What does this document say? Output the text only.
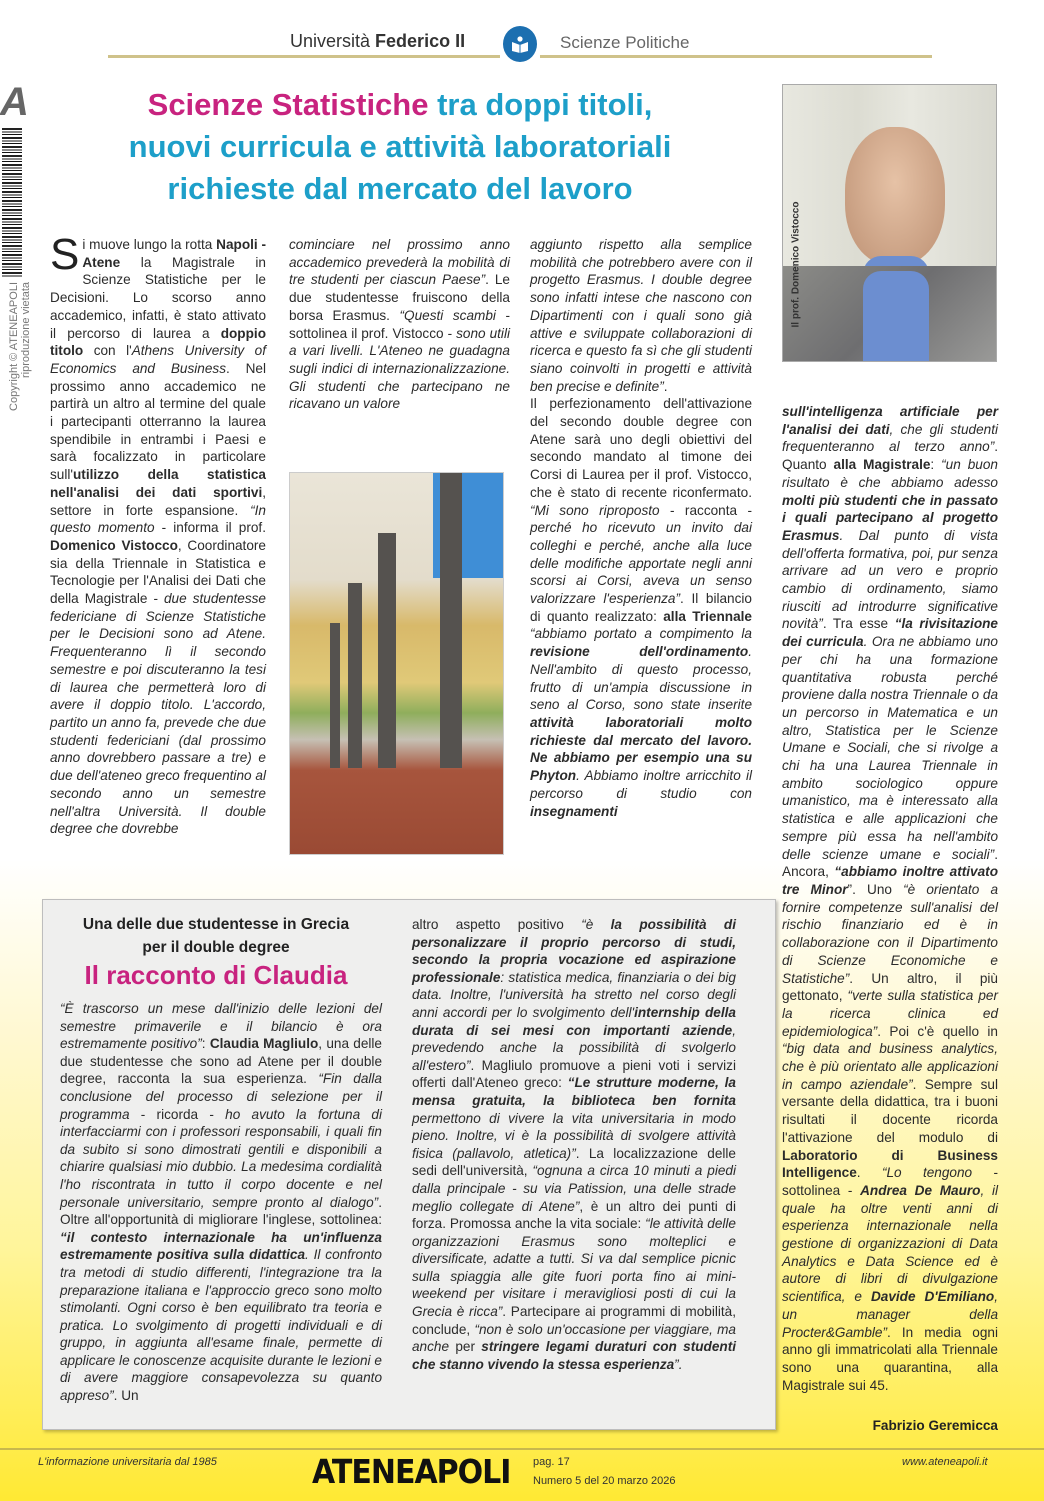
Università Federico II	Scienze Politiche
A
Copyright © ATENEAPOLI riproduzione vietata
Scienze Statistiche tra doppi titoli,
nuovi curricula e attività laboratoriali
richieste dal mercato del lavoro
Il prof. Domenico Vistocco
Si muove lungo la rotta Napoli - Atene la Magistrale in Scienze Statistiche per le Decisioni. Lo scorso anno accademico, infatti, è stato attivato il percorso di laurea a doppio titolo con l'Athens University of Economics and Business. Nel prossimo anno accademico ne partirà un altro al termine del quale i partecipanti otterranno la laurea spendibile in entrambi i Paesi e sarà focalizzato in particolare sull'utilizzo della statistica nell'analisi dei dati sportivi, settore in forte espansione. “In questo momento - informa il prof. Domenico Vistocco, Coordinatore sia della Triennale in Statistica e Tecnologie per l'Analisi dei Dati che della Magistrale - due studentesse federiciane di Scienze Statistiche per le Decisioni sono ad Atene. Frequenteranno lì il secondo semestre e poi discuteranno la tesi di laurea che permetterà loro di avere il doppio titolo. L'accordo, partito un anno fa, prevede che due studenti federiciani (dal prossimo anno dovrebbero passare a tre) e due dell'ateneo greco frequentino al secondo anno un semestre nell'altra Università. Il double degree che dovrebbe
cominciare nel prossimo anno accademico prevederà la mobilità di tre studenti per ciascun Paese”. Le due studentesse fruiscono della borsa Erasmus. “Questi scambi - sottolinea il prof. Vistocco - sono utili a vari livelli. L'Ateneo ne guadagna sugli indici di internazionalizzazione. Gli studenti che partecipano ne ricavano un valore
aggiunto rispetto alla semplice mobilità che potrebbero avere con il progetto Erasmus. I double degree sono infatti intese che nascono con Dipartimenti con i quali sono già attive e sviluppate collaborazioni di ricerca e questo fa sì che gli studenti siano coinvolti in progetti e attività ben precise e definite”.
Il perfezionamento dell'attivazione del secondo double degree con Atene sarà uno degli obiettivi del secondo mandato al timone dei Corsi di Laurea per il prof. Vistocco, che è stato di recente riconfermato. “Mi sono riproposto - racconta - perché ho ricevuto un invito dai colleghi e perché, anche alla luce delle modifiche apportate negli anni scorsi ai Corsi, aveva un senso valorizzare l'esperienza”. Il bilancio di quanto realizzato: alla Triennale “abbiamo portato a compimento la revisione dell'ordinamento. Nell'ambito di questo processo, frutto di un'ampia discussione in seno al Corso, sono state inserite attività laboratoriali molto richieste dal mercato del lavoro. Ne abbiamo per esempio una su Phyton. Abbiamo inoltre arricchito il percorso di studio con insegnamenti
sull'intelligenza artificiale per l'analisi dei dati, che gli studenti frequenteranno al terzo anno”. Quanto alla Magistrale: “un buon risultato è che abbiamo adesso molti più studenti che in passato i quali partecipano al progetto Erasmus. Dal punto di vista dell'offerta formativa, poi, pur senza arrivare ad un vero e proprio cambio di ordinamento, siamo riusciti ad introdurre significative novità”. Tra esse “la rivisitazione dei curricula. Ora ne abbiamo uno per chi ha una formazione quantitativa robusta perché proviene dalla nostra Triennale o da un percorso in Matematica e un altro, Statistica per le Scienze Umane e Sociali, che si rivolge a chi ha una Laurea Triennale in ambito sociologico oppure umanistico, ma è interessato alla statistica e alle applicazioni che sempre più essa ha nell'ambito delle scienze umane e sociali”. Ancora, “abbiamo inoltre attivato tre Minor”. Uno “è orientato a fornire competenze sull'analisi del rischio finanziario ed è in collaborazione con il Dipartimento di Scienze Economiche e Statistiche”. Un altro, il più gettonato, “verte sulla statistica per la ricerca clinica ed epidemiologica”. Poi c'è quello in “big data and business analytics, che è più orientato alle applicazioni in campo aziendale”. Sempre sul versante della didattica, tra i buoni risultati il docente ricorda l'attivazione del modulo di Laboratorio di Business Intelligence. “Lo tengono - sottolinea - Andrea De Mauro, il quale ha oltre venti anni di esperienza internazionale nella gestione di organizzazioni di Data Analytics e Data Science ed è autore di libri di divulgazione scientifica, e Davide D'Emiliano, un manager della Procter&Gamble”. In media ogni anno gli immatricolati alla Triennale sono una quarantina, alla Magistrale sui 45.
Fabrizio Geremicca
Una delle due studentesse in Grecia
per il double degree
Il racconto di Claudia
“È trascorso un mese dall'inizio delle lezioni del semestre primaverile e il bilancio è ora estremamente positivo”: Claudia Magliulo, una delle due studentesse che sono ad Atene per il double degree, racconta la sua esperienza. “Fin dalla conclusione del processo di selezione per il programma - ricorda - ho avuto la fortuna di interfacciarmi con i professori responsabili, i quali fin da subito si sono dimostrati gentili e disponibili a chiarire qualsiasi mio dubbio. La medesima cordialità l'ho riscontrata in tutto il corpo docente e nel personale universitario, sempre pronto al dialogo”. Oltre all'opportunità di migliorare l'inglese, sottolinea: “il contesto internazionale ha un'influenza estremamente positiva sulla didattica. Il confronto tra metodi di studio differenti, l'integrazione tra la preparazione italiana e l'approccio greco sono molto stimolanti. Ogni corso è ben equilibrato tra teoria e pratica. Lo svolgimento di progetti individuali e di gruppo, in aggiunta all'esame finale, permette di applicare le conoscenze acquisite durante le lezioni e di avere maggiore consapevolezza su quanto appreso”. Un
altro aspetto positivo “è la possibilità di personalizzare il proprio percorso di studi, secondo la propria vocazione ed aspirazione professionale: statistica medica, finanziaria o dei big data. Inoltre, l'università ha stretto nel corso degli anni accordi per lo svolgimento dell'internship della durata di sei mesi con importanti aziende, prevedendo anche la possibilità di svolgerlo all'estero”. Magliulo promuove a pieni voti i servizi offerti dall'Ateneo greco: “Le strutture moderne, la mensa gratuita, la biblioteca ben fornita permettono di vivere la vita universitaria in modo pieno. Inoltre, vi è la possibilità di svolgere attività fisica (pallavolo, atletica)”. La localizzazione delle sedi dell'università, “ognuna a circa 10 minuti a piedi dalla principale - su via Patission, una delle strade meglio collegate di Atene”, è un altro dei punti di forza. Promossa anche la vita sociale: “le attività delle organizzazioni Erasmus sono molteplici e diversificate, adatte a tutti. Si va dal semplice picnic sulla spiaggia alle gite fuori porta fino ai mini-weekend per visitare i meravigliosi posti di cui la Grecia è ricca”. Partecipare ai programmi di mobilità, conclude, “non è solo un'occasione per viaggiare, ma anche per stringere legami duraturi con studenti che stanno vivendo la stessa esperienza”.
L'informazione universitaria dal 1985	ATENEAPOLI pag. 17
Numero 5 del 20 marzo 2026
www.ateneapoli.it
